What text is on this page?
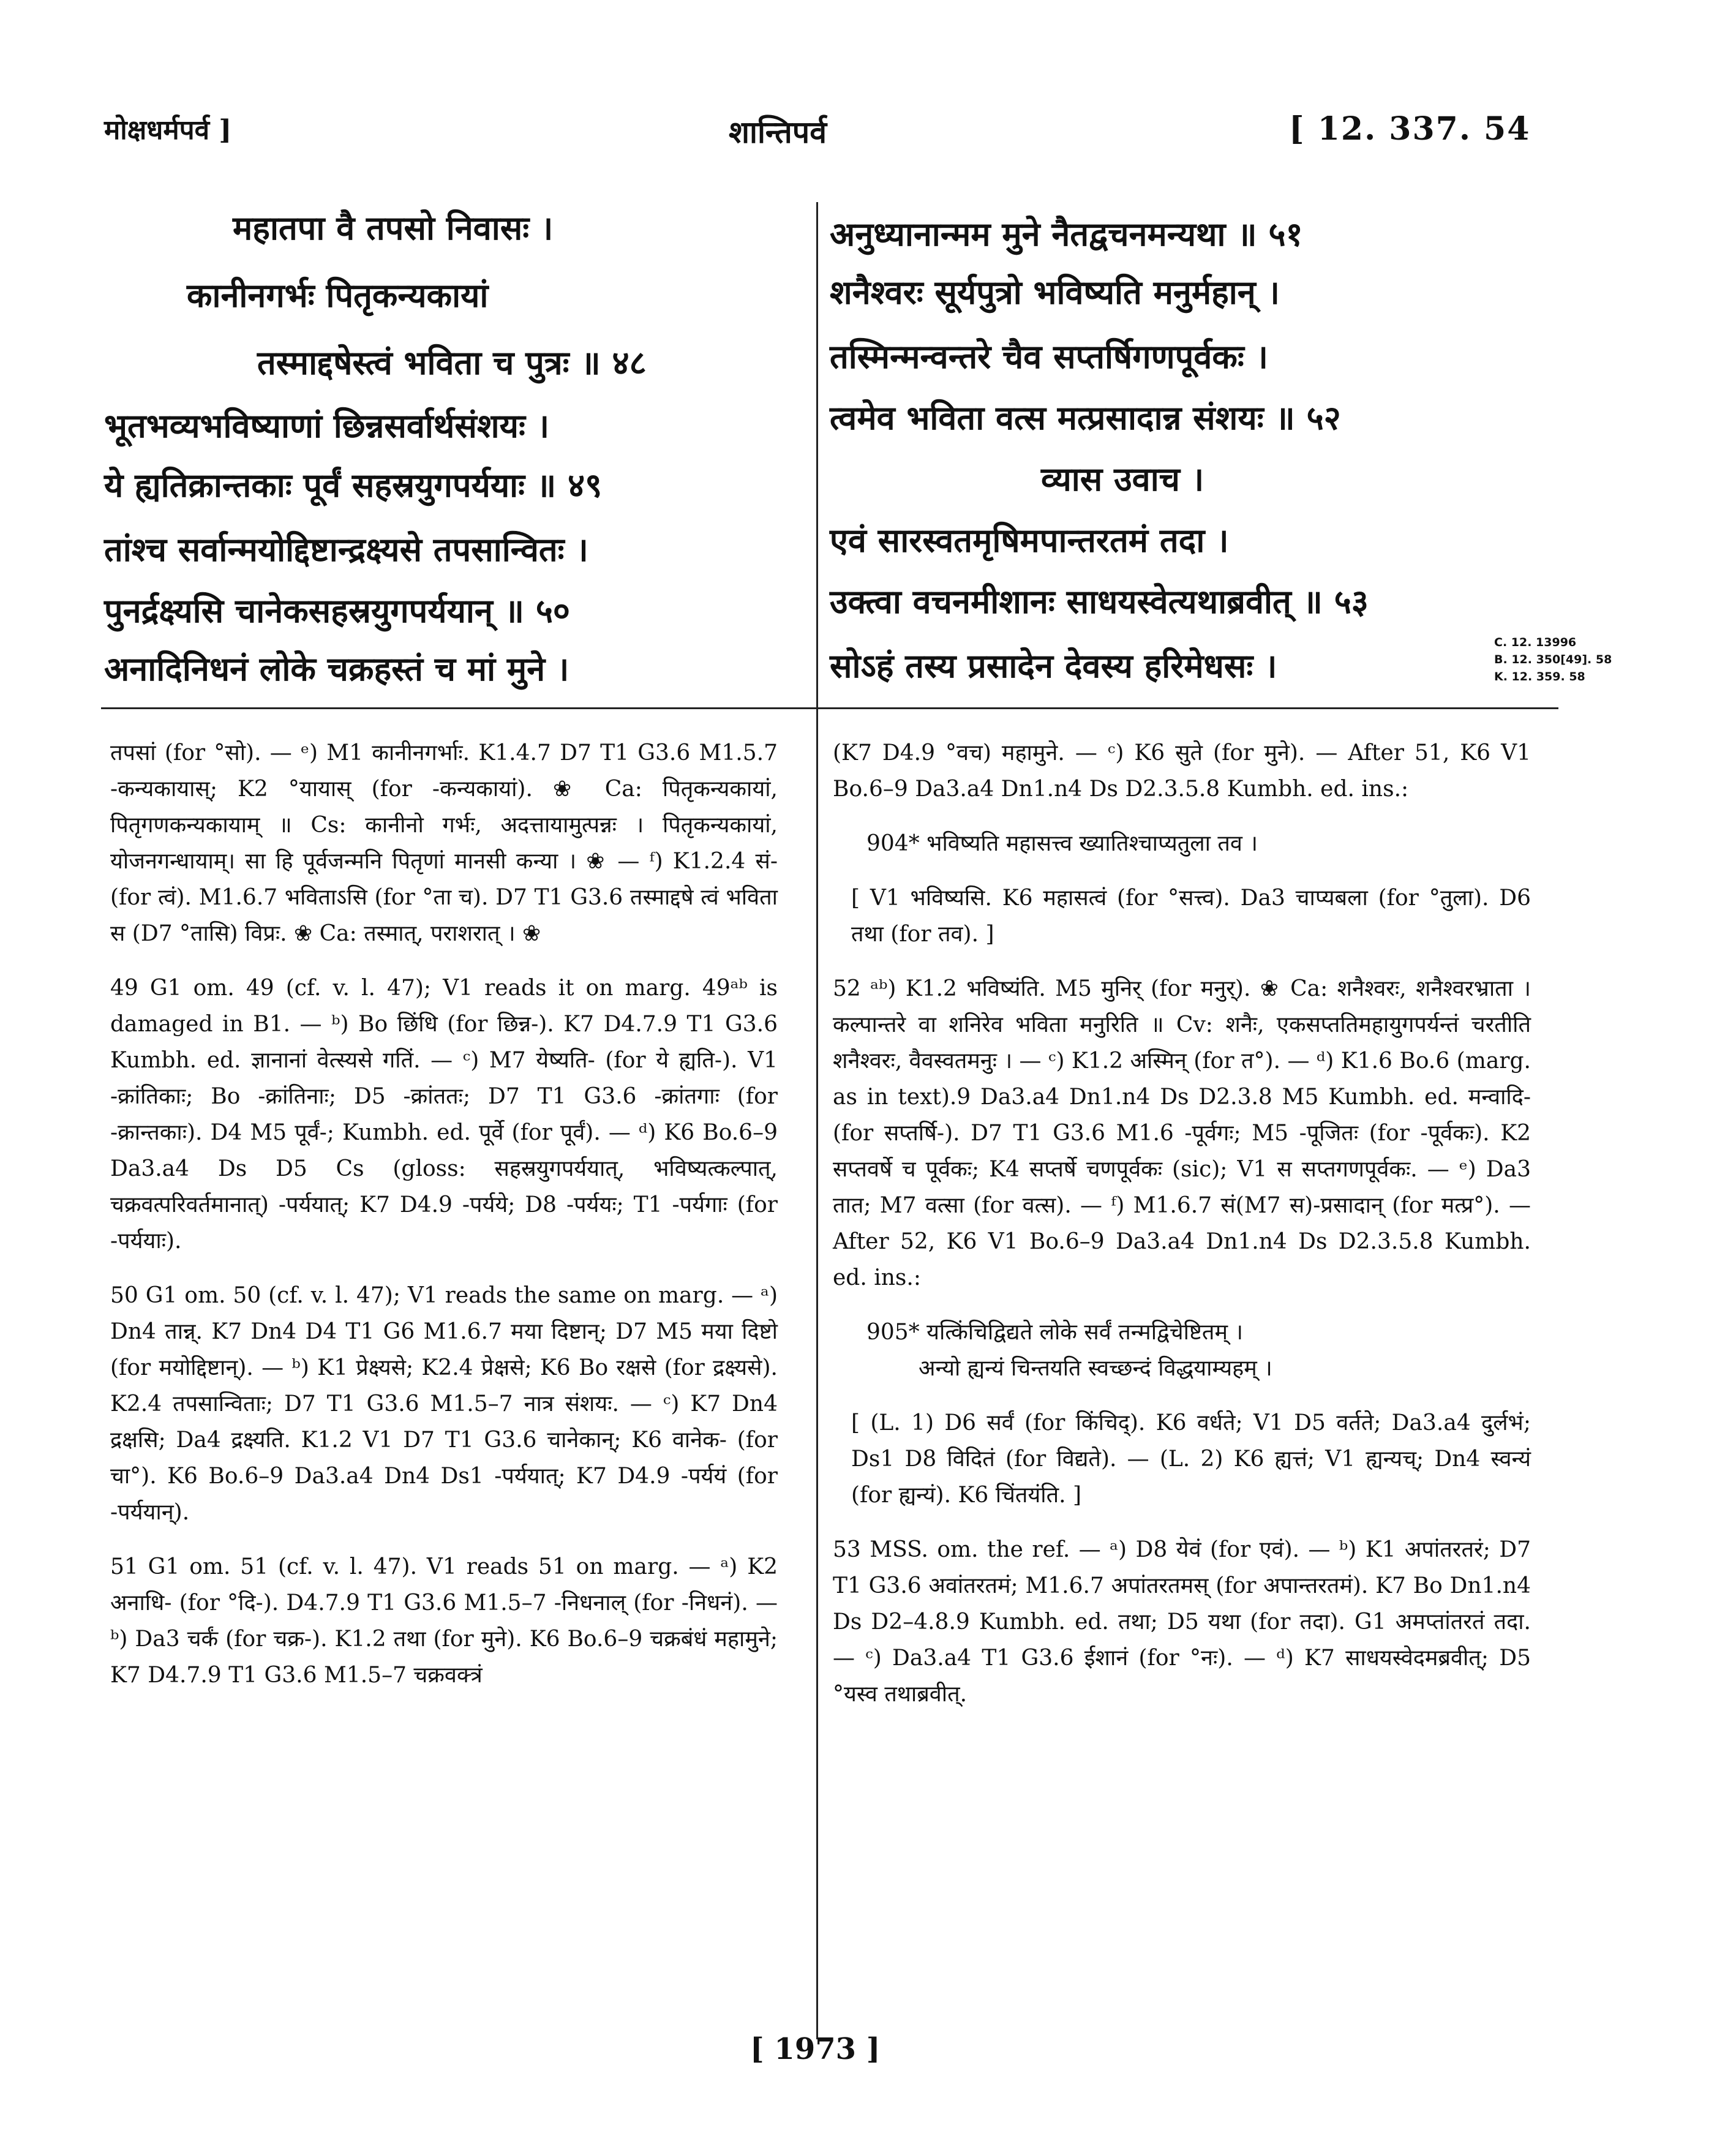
मोक्षधर्मपर्व ]	शान्तिपर्व	[ 12. 337. 54
महातपा वै तपसो निवासः ।
कानीनगर्भः पितृकन्यकायां
तस्माद्दषेस्त्वं भविता च पुत्रः ॥ ४८
भूतभव्यभविष्याणां छिन्नसर्वार्थसंशयः ।
ये ह्यतिक्रान्तकाः पूर्वं सहस्रयुगपर्ययाः ॥ ४९
तांश्च सर्वान्मयोद्दिष्टान्द्रक्ष्यसे तपसान्वितः ।
पुनर्द्रक्ष्यसि चानेकसहस्रयुगपर्ययान् ॥ ५०
अनादिनिधनं लोके चक्रहस्तं च मां मुने ।
अनुध्यानान्मम मुने नैतद्वचनमन्यथा ॥ ५१
शनैश्वरः सूर्यपुत्रो भविष्यति मनुर्महान् ।
तस्मिन्मन्वन्तरे चैव सप्तर्षिगणपूर्वकः ।
त्वमेव भविता वत्स मत्प्रसादान्न संशयः ॥ ५२
व्यास उवाच ।
एवं सारस्वतमृषिमपान्तरतमं तदा ।
उक्त्वा वचनमीशानः साधयस्वेत्यथाब्रवीत् ॥ ५३
सोऽहं तस्य प्रसादेन देवस्य हरिमेधसः ।
C. 12. 13996
B. 12. 350[49]. 58
K. 12. 359. 58

तपसां (for °सो). — ᵉ) M1 कानीनगर्भाः. K1.4.7 D7 T1 G3.6 M1.5.7 -कन्यकायास्; K2 °यायास् (for -कन्यकायां). ❀ Ca: पितृकन्यकायां, पितृगणकन्यकायाम् ॥ Cs: कानीनो गर्भः, अदत्तायामुत्पन्नः । पितृकन्यकायां, योजनगन्धायाम्। सा हि पूर्वजन्मनि पितृणां मानसी कन्या । ❀ — ᶠ) K1.2.4 सं- (for त्वं). M1.6.7 भविताऽसि (for °ता च). D7 T1 G3.6 तस्माद्दषे त्वं भविता स (D7 °तासि) विप्रः. ❀ Ca: तस्मात्, पराशरात् । ❀

49 G1 om. 49 (cf. v. l. 47); V1 reads it on marg. 49ᵃᵇ is damaged in B1. — ᵇ) Bo छिंधि (for छिन्न-). K7 D4.7.9 T1 G3.6 Kumbh. ed. ज्ञानानां वेत्स्यसे गतिं. — ᶜ) M7 येष्यति- (for ये ह्यति-). V1 -क्रांतिकाः; Bo -क्रांतिनाः; D5 -क्रांततः; D7 T1 G3.6 -क्रांतगाः (for -क्रान्तकाः). D4 M5 पूर्वं-; Kumbh. ed. पूर्वे (for पूर्वं). — ᵈ) K6 Bo.6–9 Da3.a4 Ds D5 Cs (gloss: सहस्रयुगपर्ययात्, भविष्यत्कल्पात्, चक्रवत्परिवर्तमानात्) -पर्ययात्; K7 D4.9 -पर्यये; D8 -पर्ययः; T1 -पर्यगाः (for -पर्ययाः).

50 G1 om. 50 (cf. v. l. 47); V1 reads the same on marg. — ᵃ) Dn4 तान्न्. K7 Dn4 D4 T1 G6 M1.6.7 मया दिष्टान्; D7 M5 मया दिष्टो (for मयोद्दिष्टान्). — ᵇ) K1 प्रेक्ष्यसे; K2.4 प्रेक्षसे; K6 Bo रक्षसे (for द्रक्ष्यसे). K2.4 तपसान्विताः; D7 T1 G3.6 M1.5–7 नात्र संशयः. — ᶜ) K7 Dn4 द्रक्षसि; Da4 द्रक्ष्यति. K1.2 V1 D7 T1 G3.6 चानेकान्; K6 वानेक- (for चा°). K6 Bo.6–9 Da3.a4 Dn4 Ds1 -पर्ययात्; K7 D4.9 -पर्ययं (for -पर्ययान्).

51 G1 om. 51 (cf. v. l. 47). V1 reads 51 on marg. — ᵃ) K2 अनाधि- (for °दि-). D4.7.9 T1 G3.6 M1.5–7 -निधनाल् (for -निधनं). — ᵇ) Da3 चर्कं (for चक्र-). K1.2 तथा (for मुने). K6 Bo.6–9 चक्रबंधं महामुने; K7 D4.7.9 T1 G3.6 M1.5–7 चक्रवक्त्रं

(K7 D4.9 °वच) महामुने. — ᶜ) K6 सुते (for मुने). — After 51, K6 V1 Bo.6–9 Da3.a4 Dn1.n4 Ds D2.3.5.8 Kumbh. ed. ins.:

904* भविष्यति महासत्त्व ख्यातिश्चाप्यतुला तव ।

[ V1 भविष्यसि. K6 महासत्वं (for °सत्त्व). Da3 चाप्यबला (for °तुला). D6 तथा (for तव). ]

52 ᵃᵇ) K1.2 भविष्यंति. M5 मुनिर् (for मनुर्). ❀ Ca: शनैश्वरः, शनैश्वरभ्राता । कल्पान्तरे वा शनिरेव भविता मनुरिति ॥ Cv: शनैः, एकसप्ततिमहायुगपर्यन्तं चरतीति शनैश्वरः, वैवस्वतमनुः । — ᶜ) K1.2 अस्मिन् (for त°). — ᵈ) K1.6 Bo.6 (marg. as in text).9 Da3.a4 Dn1.n4 Ds D2.3.8 M5 Kumbh. ed. मन्वादि- (for सप्तर्षि-). D7 T1 G3.6 M1.6 -पूर्वगः; M5 -पूजितः (for -पूर्वकः). K2 सप्तवर्षे च पूर्वकः; K4 सप्तर्षे चणपूर्वकः (sic); V1 स सप्तगणपूर्वकः. — ᵉ) Da3 तात; M7 वत्सा (for वत्स). — ᶠ) M1.6.7 सं(M7 स)-प्रसादान् (for मत्प्र°). — After 52, K6 V1 Bo.6–9 Da3.a4 Dn1.n4 Ds D2.3.5.8 Kumbh. ed. ins.:

905* यत्किंचिद्विद्यते लोके सर्वं तन्मद्विचेष्टितम् ।

अन्यो ह्यन्यं चिन्तयति स्वच्छन्दं विद्धयाम्यहम् ।

[ (L. 1) D6 सर्वं (for किंचिद्). K6 वर्धते; V1 D5 वर्तते; Da3.a4 दुर्लभं; Ds1 D8 विदितं (for विद्यते). — (L. 2) K6 ह्यत्तं; V1 ह्यन्यच्; Dn4 स्वन्यं (for ह्यन्यं). K6 चिंतयंति. ]

53 MSS. om. the ref. — ᵃ) D8 येवं (for एवं). — ᵇ) K1 अपांतरतरं; D7 T1 G3.6 अवांतरतमं; M1.6.7 अपांतरतमस् (for अपान्तरतमं). K7 Bo Dn1.n4 Ds D2–4.8.9 Kumbh. ed. तथा; D5 यथा (for तदा). G1 अमप्तांतरतं तदा. — ᶜ) Da3.a4 T1 G3.6 ईशानं (for °नः). — ᵈ) K7 साधयस्वेदमब्रवीत्; D5 °यस्व तथाब्रवीत्.

[ 1973 ]
